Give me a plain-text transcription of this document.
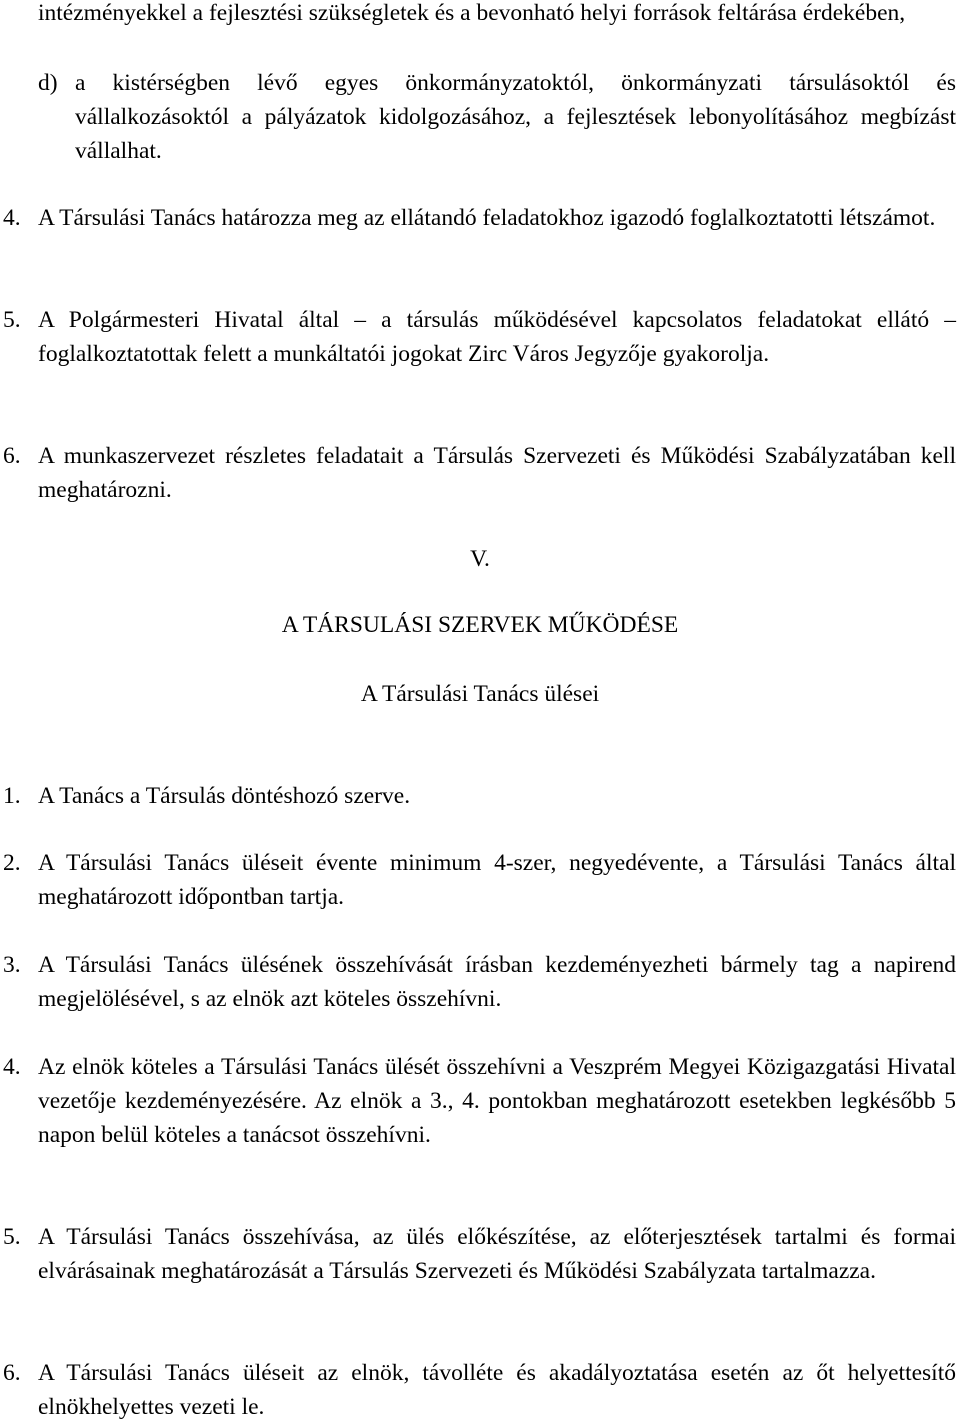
intézményekkel a fejlesztési szükségletek és a bevonható helyi források feltárása érdekében,
d) a kistérségben lévő egyes önkormányzatoktól, önkormányzati társulásoktól és vállalkozásoktól a pályázatok kidolgozásához, a fejlesztések lebonyolításához megbízást vállalhat.
4. A Társulási Tanács határozza meg az ellátandó feladatokhoz igazodó foglalkoztatotti létszámot.
5. A Polgármesteri Hivatal által – a társulás működésével kapcsolatos feladatokat ellátó – foglalkoztatottak felett a munkáltatói jogokat Zirc Város Jegyzője gyakorolja.
6. A munkaszervezet részletes feladatait a Társulás Szervezeti és Működési Szabályzatában kell meghatározni.
V.
A TÁRSULÁSI SZERVEK MŰKÖDÉSE
A Társulási Tanács ülései
1. A Tanács a Társulás döntéshozó szerve.
2. A Társulási Tanács üléseit évente minimum 4-szer, negyedévente, a Társulási Tanács által meghatározott időpontban tartja.
3. A Társulási Tanács ülésének összehívását írásban kezdeményezheti bármely tag a napirend megjelölésével, s az elnök azt köteles összehívni.
4. Az elnök köteles a Társulási Tanács ülését összehívni a Veszprém Megyei Közigazgatási Hivatal vezetője kezdeményezésére. Az elnök a 3., 4. pontokban meghatározott esetekben legkésőbb 5 napon belül köteles a tanácsot összehívni.
5. A Társulási Tanács összehívása, az ülés előkészítése, az előterjesztések tartalmi és formai elvárásainak meghatározását a Társulás Szervezeti és Működési Szabályzata tartalmazza.
6. A Társulási Tanács üléseit az elnök, távolléte és akadályoztatása esetén az őt helyettesítő elnökhelyettes vezeti le.
